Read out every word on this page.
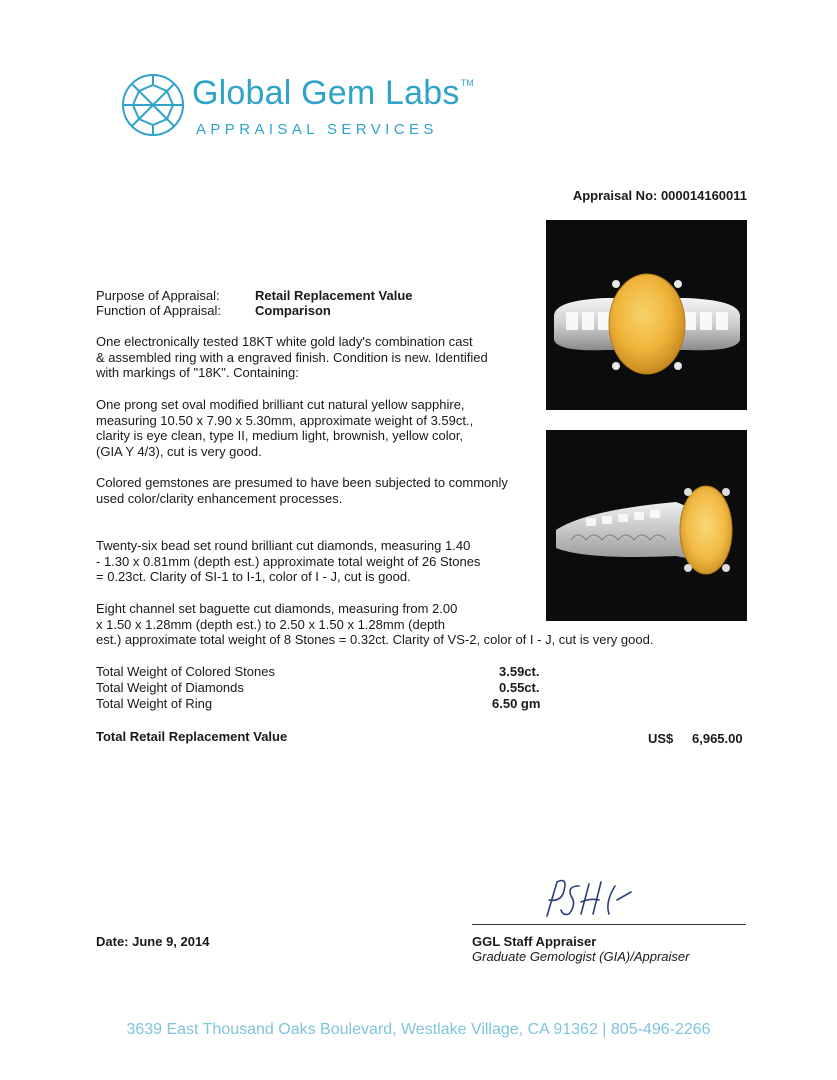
Global Gem Labs™
APPRAISAL SERVICES
Appraisal No: 000014160011
Purpose of Appraisal:	Retail Replacement Value
Function of Appraisal:	Comparison
One electronically tested 18KT white gold lady's combination cast
& assembled ring with a engraved finish. Condition is new. Identified
with markings of "18K". Containing:
One prong set oval modified brilliant cut natural yellow sapphire,
measuring 10.50 x 7.90 x 5.30mm, approximate weight of 3.59ct.,
clarity is eye clean, type II, medium light, brownish, yellow color,
(GIA Y 4/3), cut is very good.
Colored gemstones are presumed to have been subjected to commonly
used color/clarity enhancement processes.
Twenty-six bead set round brilliant cut diamonds, measuring 1.40
- 1.30 x 0.81mm (depth est.) approximate total weight of 26 Stones
= 0.23ct. Clarity of SI-1 to I-1, color of I - J, cut is good.
Eight channel set baguette cut diamonds, measuring from 2.00
x 1.50 x 1.28mm (depth est.) to 2.50 x 1.50 x 1.28mm (depth
est.) approximate total weight of 8 Stones = 0.32ct. Clarity of VS-2, color of I - J, cut is very good.
Total Weight of Colored Stones	3.59ct.
Total Weight of Diamonds	0.55ct.
Total Weight of Ring	6.50 gm
Total Retail Replacement Value	US$ 6,965.00
Date: June 9, 2014	GGL Staff Appraiser
Graduate Gemologist (GIA)/Appraiser
3639 East Thousand Oaks Boulevard, Westlake Village, CA 91362 | 805-496-2266
